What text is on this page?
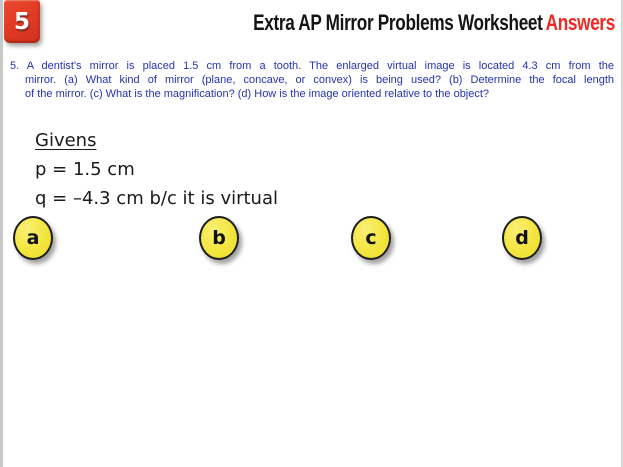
5	Extra AP Mirror Problems Worksheet Answers
5. A dentist's mirror is placed 1.5 cm from a tooth. The enlarged virtual image is located 4.3 cm from the
mirror. (a) What kind of mirror (plane, concave, or convex) is being used? (b) Determine the focal length
of the mirror. (c) What is the magnification? (d) How is the image oriented relative to the object?
Givens
p = 1.5 cm
q = –4.3 cm b/c it is virtual
a	b	c	d
